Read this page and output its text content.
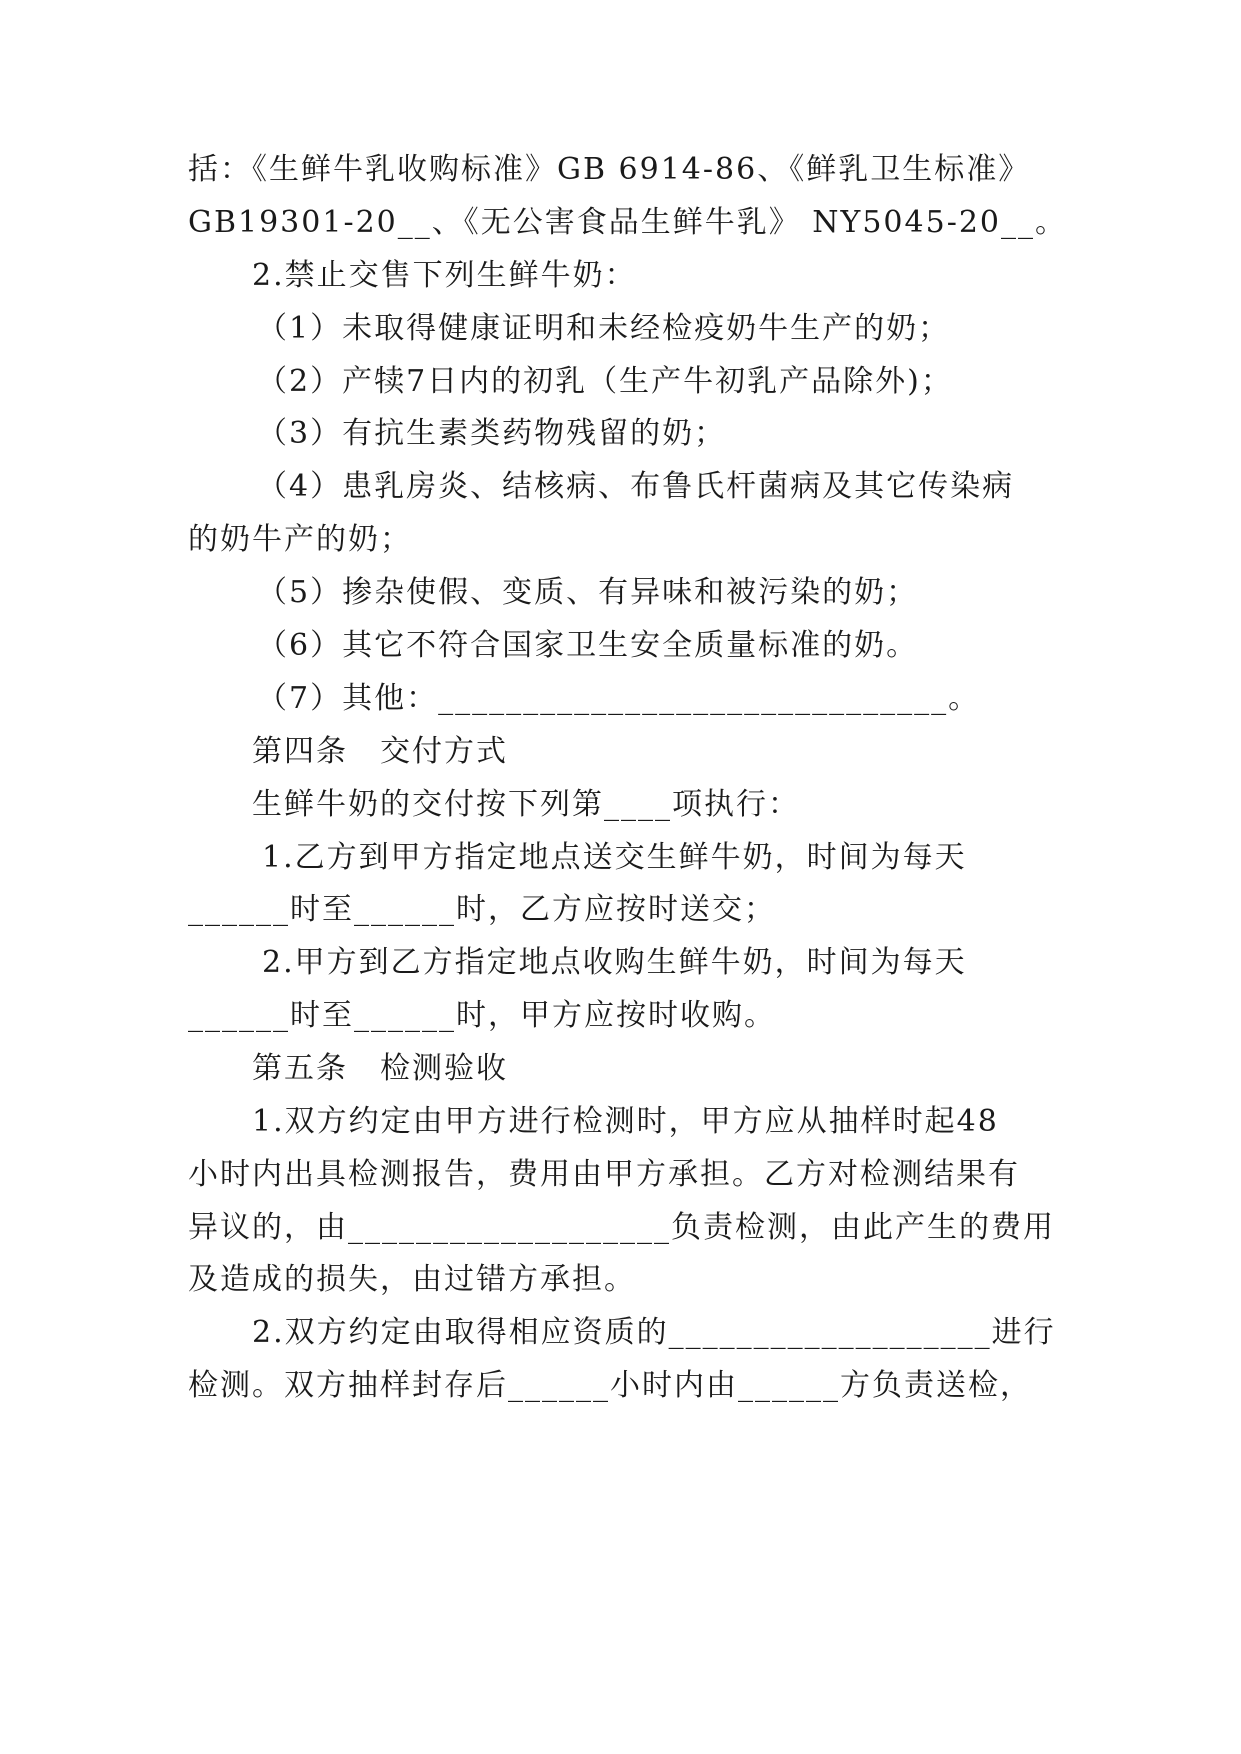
括：《生鲜牛乳收购标准》GB 6914-86、《鲜乳卫生标准》
GB19301-20__、《无公害食品生鲜牛乳》 NY5045-20__。
2.禁止交售下列生鲜牛奶：
（1）未取得健康证明和未经检疫奶牛生产的奶；
（2）产犊7日内的初乳（生产牛初乳产品除外)；
（3）有抗生素类药物残留的奶；
（4）患乳房炎、结核病、布鲁氏杆菌病及其它传染病
的奶牛产的奶；
（5）掺杂使假、变质、有异味和被污染的奶；
（6）其它不符合国家卫生安全质量标准的奶。
（7）其他：______________________________。
第四条　交付方式
生鲜牛奶的交付按下列第____项执行：
1.乙方到甲方指定地点送交生鲜牛奶，时间为每天
______时至______时，乙方应按时送交；
2.甲方到乙方指定地点收购生鲜牛奶，时间为每天
______时至______时，甲方应按时收购。
第五条　检测验收
1.双方约定由甲方进行检测时，甲方应从抽样时起48
小时内出具检测报告，费用由甲方承担。乙方对检测结果有
异议的，由___________________负责检测，由此产生的费用
及造成的损失，由过错方承担。
2.双方约定由取得相应资质的___________________进行
检测。双方抽样封存后______小时内由______方负责送检，
